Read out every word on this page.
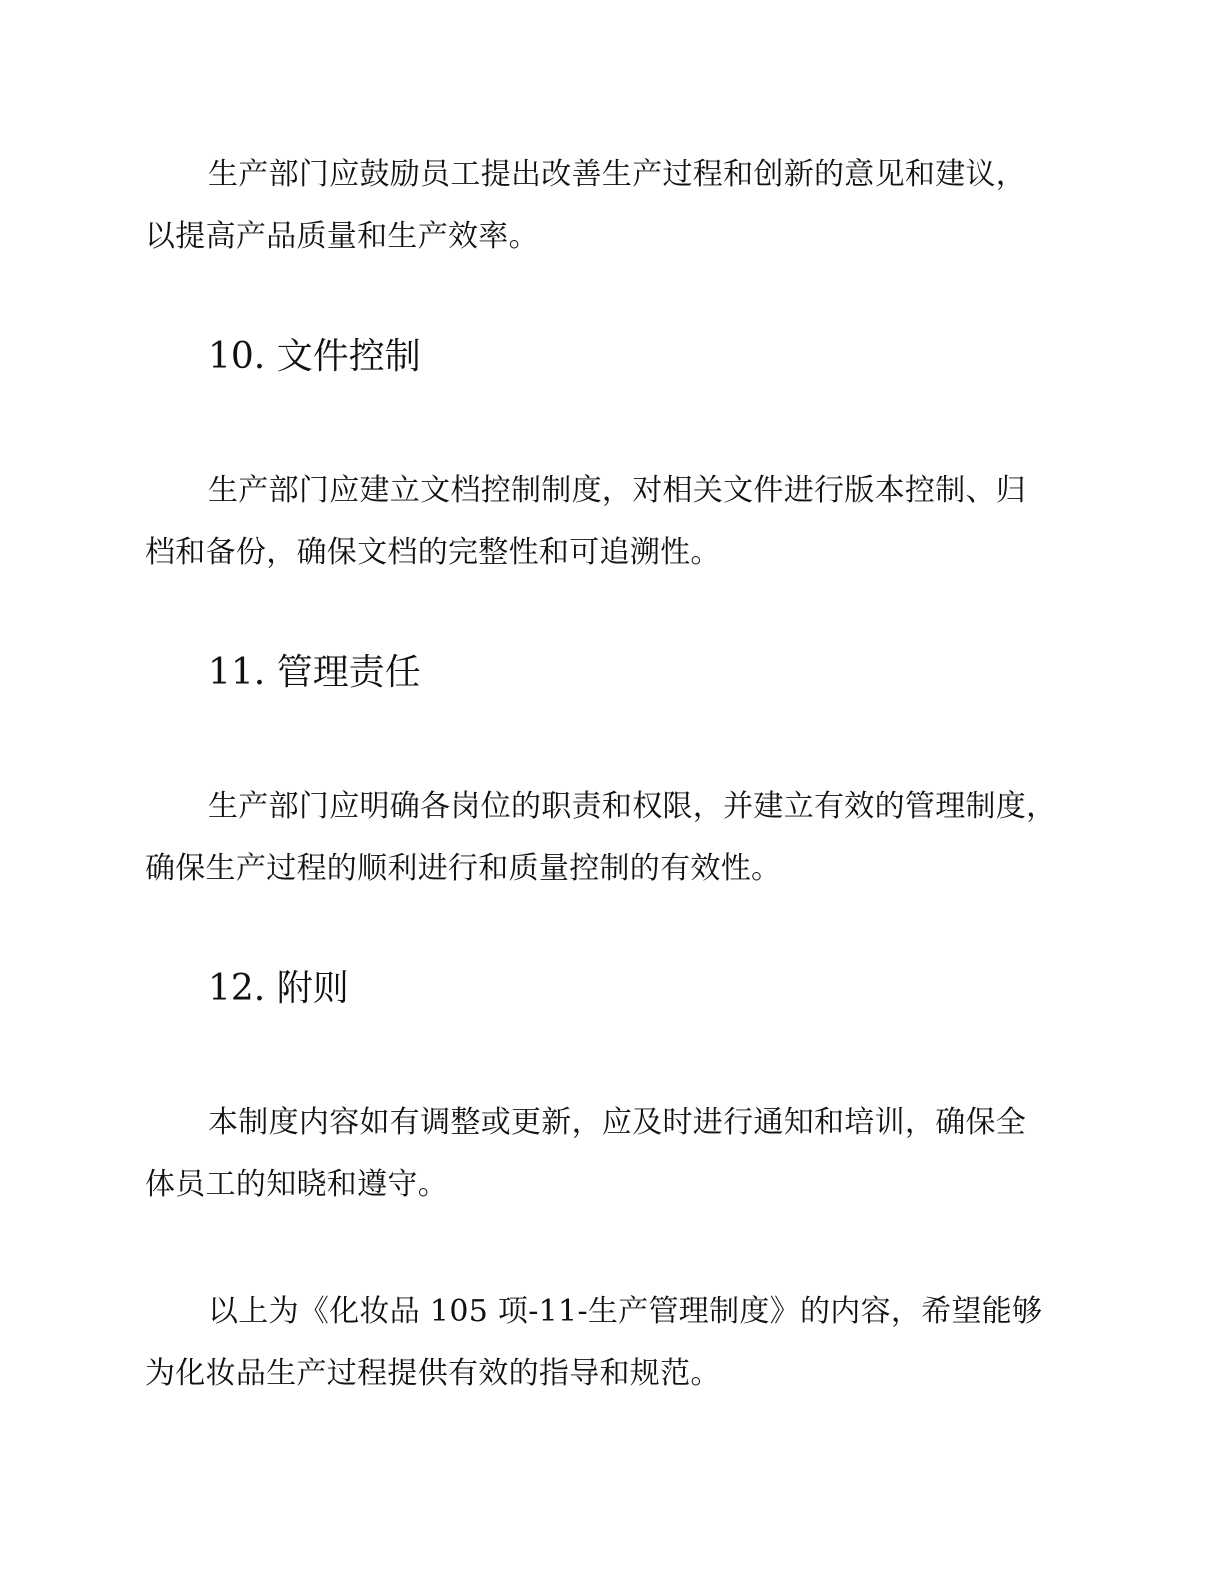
生产部门应鼓励员工提出改善生产过程和创新的意见和建议，

以提高产品质量和生产效率。

10. 文件控制

生产部门应建立文档控制制度，对相关文件进行版本控制、归

档和备份，确保文档的完整性和可追溯性。

11. 管理责任

生产部门应明确各岗位的职责和权限，并建立有效的管理制度，

确保生产过程的顺利进行和质量控制的有效性。

12. 附则

本制度内容如有调整或更新，应及时进行通知和培训，确保全

体员工的知晓和遵守。

以上为《化妆品 105 项-11-生产管理制度》的内容，希望能够

为化妆品生产过程提供有效的指导和规范。
